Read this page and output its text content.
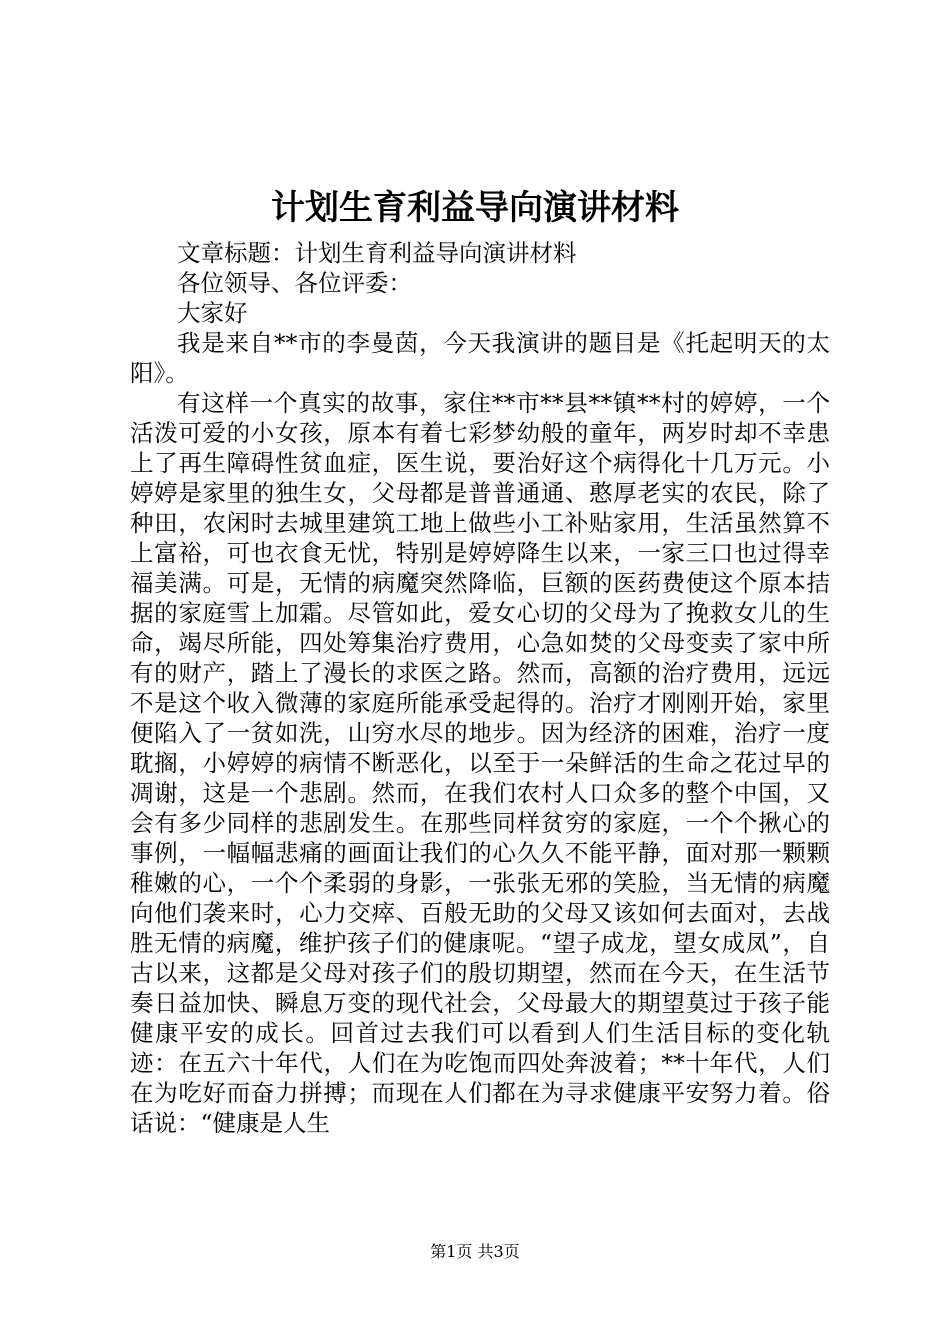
计划生育利益导向演讲材料

文章标题：计划生育利益导向演讲材料

各位领导、各位评委：

大家好

我是来自**市的李曼茵，今天我演讲的题目是《托起明天的太阳》。

有这样一个真实的故事，家住**市**县**镇**村的婷婷，一个活泼可爱的小女孩，原本有着七彩梦幼般的童年，两岁时却不幸患上了再生障碍性贫血症，医生说，要治好这个病得化十几万元。小婷婷是家里的独生女，父母都是普普通通、憨厚老实的农民，除了种田，农闲时去城里建筑工地上做些小工补贴家用，生活虽然算不上富裕，可也衣食无忧，特别是婷婷降生以来，一家三口也过得幸福美满。可是，无情的病魔突然降临，巨额的医药费使这个原本拮据的家庭雪上加霜。尽管如此，爱女心切的父母为了挽救女儿的生命，竭尽所能，四处筹集治疗费用，心急如焚的父母变卖了家中所有的财产，踏上了漫长的求医之路。然而，高额的治疗费用，远远不是这个收入微薄的家庭所能承受起得的。治疗才刚刚开始，家里便陷入了一贫如洗，山穷水尽的地步。因为经济的困难，治疗一度耽搁，小婷婷的病情不断恶化，以至于一朵鲜活的生命之花过早的凋谢，这是一个悲剧。然而，在我们农村人口众多的整个中国，又会有多少同样的悲剧发生。在那些同样贫穷的家庭，一个个揪心的事例，一幅幅悲痛的画面让我们的心久久不能平静，面对那一颗颗稚嫩的心，一个个柔弱的身影，一张张无邪的笑脸，当无情的病魔向他们袭来时，心力交瘁、百般无助的父母又该如何去面对，去战胜无情的病魔，维护孩子们的健康呢。“望子成龙，望女成凤”，自古以来，这都是父母对孩子们的殷切期望，然而在今天，在生活节奏日益加快、瞬息万变的现代社会，父母最大的期望莫过于孩子能健康平安的成长。回首过去我们可以看到人们生活目标的变化轨迹：在五六十年代，人们在为吃饱而四处奔波着；**十年代，人们在为吃好而奋力拼搏；而现在人们都在为寻求健康平安努力着。俗话说：“健康是人生

第1页 共3页
